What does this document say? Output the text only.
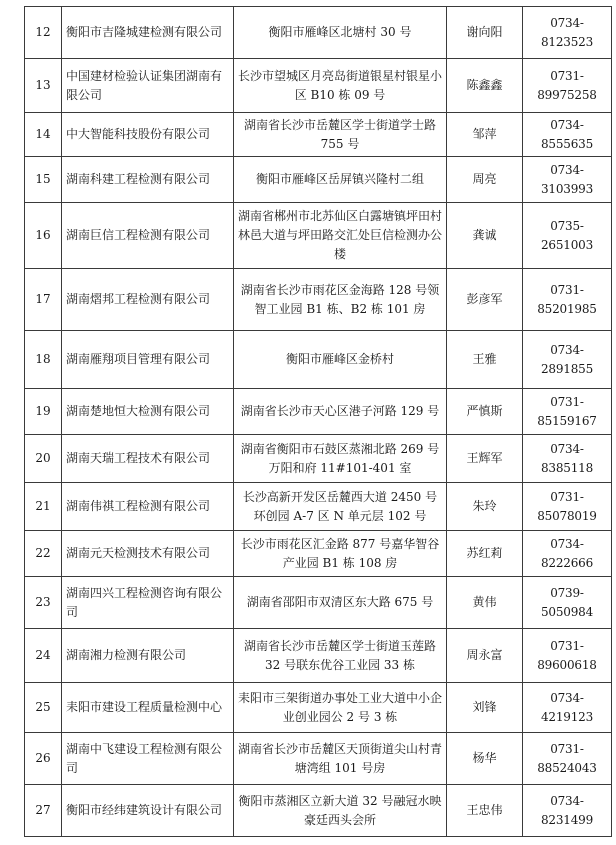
12	衡阳市吉隆城建检测有限公司	衡阳市雁峰区北塘村 30 号	谢向阳	0734-8123523
13	中国建材检验认证集团湖南有限公司	长沙市望城区月亮岛街道银星村银星小区 B10 栋 09 号	陈鑫鑫	0731-89975258
14	中大智能科技股份有限公司	湖南省长沙市岳麓区学士街道学士路 755 号	邹萍	0734-8555635
15	湖南科建工程检测有限公司	衡阳市雁峰区岳屏镇兴隆村二组	周亮	0734-3103993
16	湖南巨信工程检测有限公司	湖南省郴州市北苏仙区白露塘镇坪田村林邑大道与坪田路交汇处巨信检测办公楼	龚诚	0735-2651003
17	湖南熠邦工程检测有限公司	湖南省长沙市雨花区金海路 128 号领智工业园 B1 栋、B2 栋 101 房	彭彦军	0731-85201985
18	湖南雁翔项目管理有限公司	衡阳市雁峰区金桥村	王雅	0734-2891855
19	湖南楚地恒大检测有限公司	湖南省长沙市天心区港子河路 129 号	严慎斯	0731-85159167
20	湖南天瑞工程技术有限公司	湖南省衡阳市石鼓区蒸湘北路 269 号万阳和府 11#101-401 室	王辉军	0734-8385118
21	湖南伟祺工程检测有限公司	长沙高新开发区岳麓西大道 2450 号环创园 A-7 区 N 单元层 102 号	朱玲	0731-85078019
22	湖南元天检测技术有限公司	长沙市雨花区汇金路 877 号嘉华智谷产业园 B1 栋 108 房	苏红莉	0734-8222666
23	湖南四兴工程检测咨询有限公司	湖南省邵阳市双清区东大路 675 号	黄伟	0739-5050984
24	湖南湘力检测有限公司	湖南省长沙市岳麓区学士街道玉莲路 32 号联东优谷工业园 33 栋	周永富	0731-89600618
25	耒阳市建设工程质量检测中心	耒阳市三架街道办事处工业大道中小企业创业园公 2 号 3 栋	刘锋	0734-4219123
26	湖南中飞建设工程检测有限公司	湖南省长沙市岳麓区天顶街道尖山村青塘湾组 101 号房	杨华	0731-88524043
27	衡阳市经纬建筑设计有限公司	衡阳市蒸湘区立新大道 32 号融冠水映豪廷西头会所	王忠伟	0734-8231499
